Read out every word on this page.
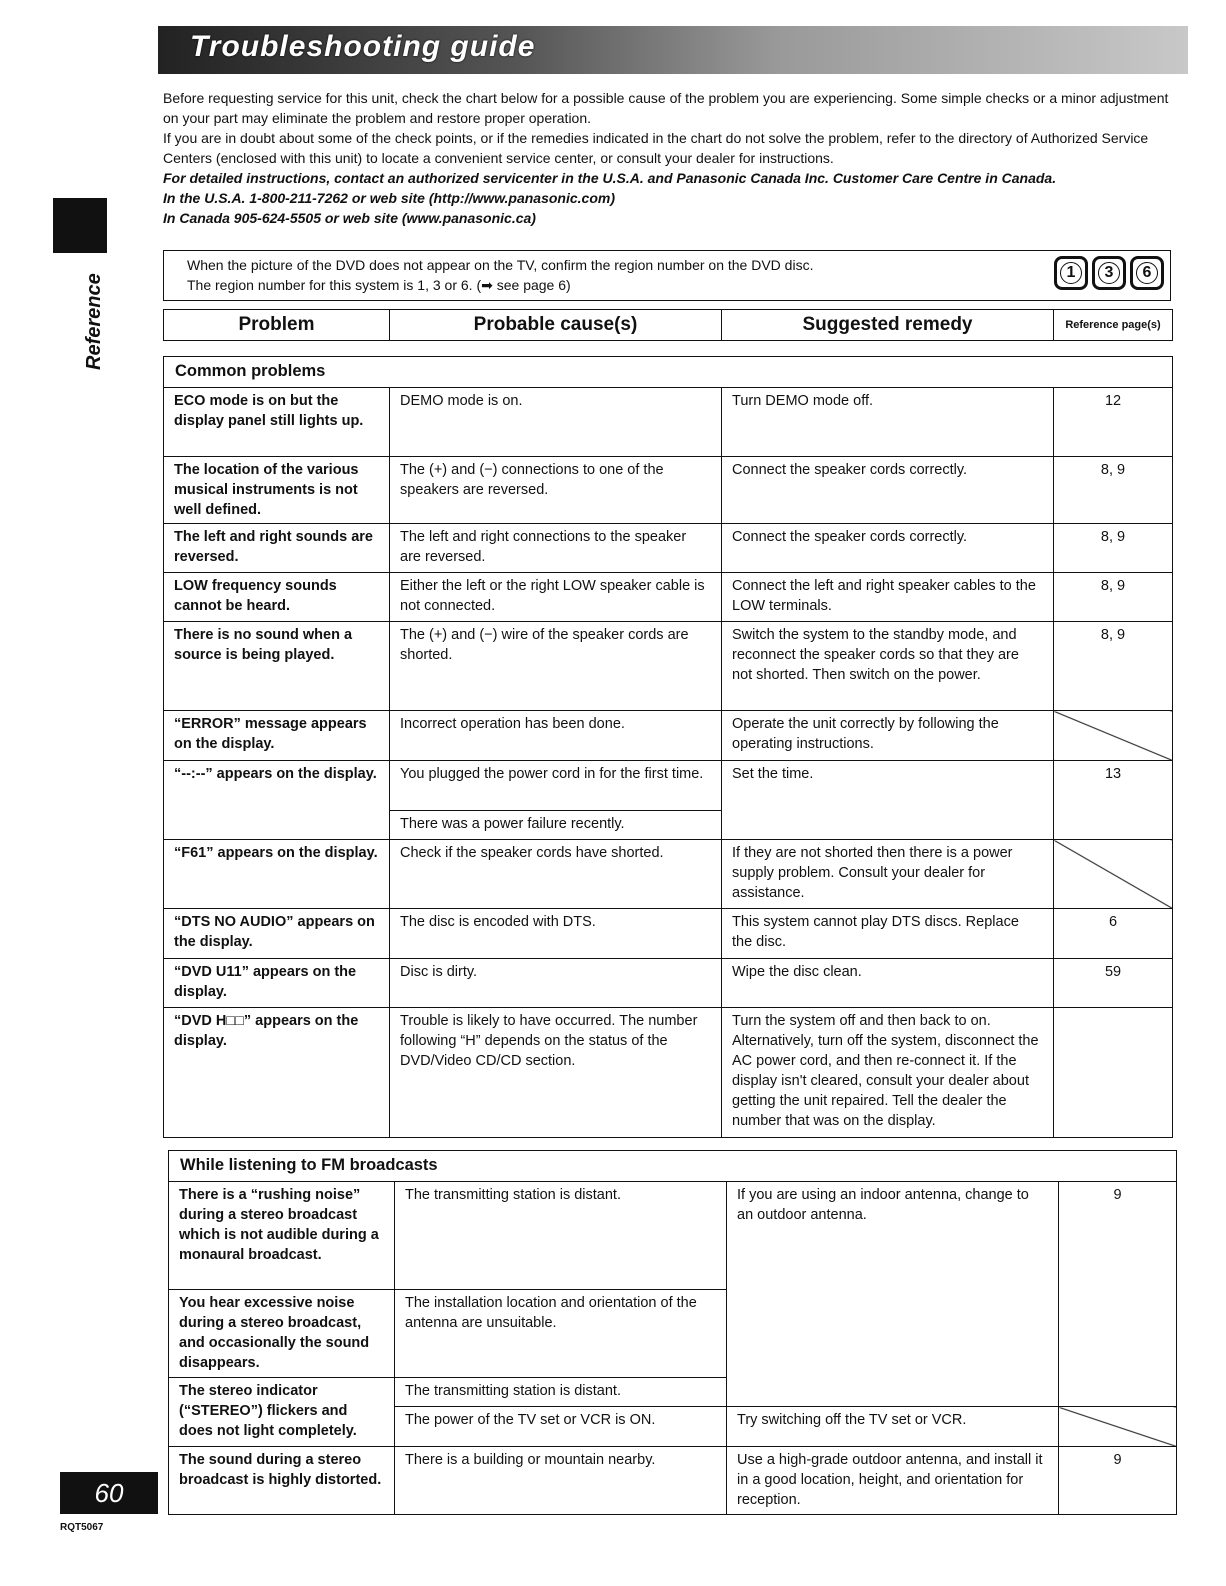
Troubleshooting guide
Reference

Before requesting service for this unit, check the chart below for a possible cause of the problem you are experiencing. Some simple checks or a minor adjustment on your part may eliminate the problem and restore proper operation.

If you are in doubt about some of the check points, or if the remedies indicated in the chart do not solve the problem, refer to the directory of Authorized Service Centers (enclosed with this unit) to locate a convenient service center, or consult your dealer for instructions.

For detailed instructions, contact an authorized servicenter in the U.S.A. and Panasonic Canada Inc. Customer Care Centre in Canada.

In the U.S.A. 1-800-211-7262 or web site (http://www.panasonic.com)

In Canada 905-624-5505 or web site (www.panasonic.ca)

When the picture of the DVD does not appear on the TV, confirm the region number on the DVD disc.
The region number for this system is 1, 3 or 6. (➡ see page 6)
1	3	6
Problem	Probable cause(s)	Suggested remedy	Reference page(s)
Common problems			
ECO mode is on but the display panel still lights up.	DEMO mode is on.	Turn DEMO mode off.	12
The location of the various musical instruments is not well defined.	The (+) and (−) connections to one of the speakers are reversed.	Connect the speaker cords correctly.	8, 9
The left and right sounds are reversed.	The left and right connections to the speaker are reversed.	Connect the speaker cords correctly.	8, 9
LOW frequency sounds cannot be heard.	Either the left or the right LOW speaker cable is not connected.	Connect the left and right speaker cables to the LOW terminals.	8, 9
There is no sound when a source is being played.	The (+) and (−) wire of the speaker cords are shorted.	Switch the system to the standby mode, and reconnect the speaker cords so that they are not shorted. Then switch on the power.	8, 9
“ERROR” message appears on the display.	Incorrect operation has been done.	Operate the unit correctly by following the operating instructions.	
“--:--” appears on the display.	You plugged the power cord in for the first time.	Set the time.	13
	There was a power failure recently.		
“F61” appears on the display.	Check if the speaker cords have shorted.	If they are not shorted then there is a power supply problem. Consult your dealer for assistance.	
“DTS NO AUDIO” appears on the display.	The disc is encoded with DTS.	This system cannot play DTS discs. Replace the disc.	6
“DVD U11” appears on the display.	Disc is dirty.	Wipe the disc clean.	59
“DVD H□□” appears on the display.	Trouble is likely to have occurred. The number following “H” depends on the status of the DVD/Video CD/CD section.	Turn the system off and then back to on. Alternatively, turn off the system, disconnect the AC power cord, and then re-connect it. If the display isn't cleared, consult your dealer about getting the unit repaired. Tell the dealer the number that was on the display.	
While listening to FM broadcasts			
There is a “rushing noise” during a stereo broadcast which is not audible during a monaural broadcast.	The transmitting station is distant.	If you are using an indoor antenna, change to an outdoor antenna.	9
You hear excessive noise during a stereo broadcast, and occasionally the sound disappears.	The installation location and orientation of the antenna are unsuitable.		
The stereo indicator (“STEREO”) flickers and does not light completely.	The transmitting station is distant.		
	The power of the TV set or VCR is ON.	Try switching off the TV set or VCR.	
The sound during a stereo broadcast is highly distorted.	There is a building or mountain nearby.	Use a high-grade outdoor antenna, and install it in a good location, height, and orientation for reception.	9
60
RQT5067
